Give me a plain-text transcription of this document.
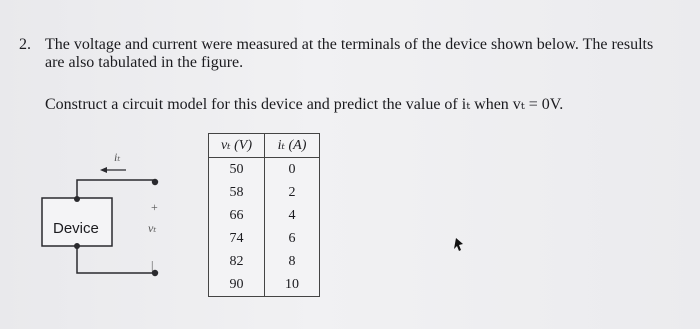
2. The voltage and current were measured at the terminals of the device shown below. The results
are also tabulated in the figure.
Construct a circuit model for this device and predict the value of iₜ when vₜ = 0V.
iₜ
+
vₜ
|
Device
vₜ (V)	iₜ (A)
50	0
58	2
66	4
74	6
82	8
90	10
